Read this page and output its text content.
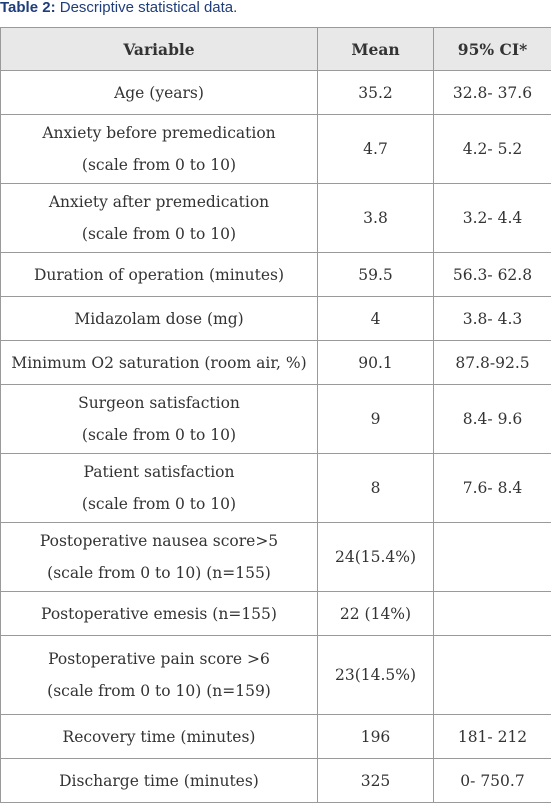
Table 2: Descriptive statistical data.
Variable	Mean	95% CI*
Age (years)	35.2	32.8- 37.6
Anxiety before premedication
(scale from 0 to 10)	4.7	4.2- 5.2
Anxiety after premedication
(scale from 0 to 10)	3.8	3.2- 4.4
Duration of operation (minutes)	59.5	56.3- 62.8
Midazolam dose (mg)	4	3.8- 4.3
Minimum O2 saturation (room air, %)	90.1	87.8-92.5
Surgeon satisfaction
(scale from 0 to 10)	9	8.4- 9.6
Patient satisfaction
(scale from 0 to 10)	8	7.6- 8.4
Postoperative nausea score>5
(scale from 0 to 10) (n=155)	24(15.4%)	
Postoperative emesis (n=155)	22 (14%)	
Postoperative pain score >6
(scale from 0 to 10) (n=159)	23(14.5%)	
Recovery time (minutes)	196	181- 212
Discharge time (minutes)	325	0- 750.7
